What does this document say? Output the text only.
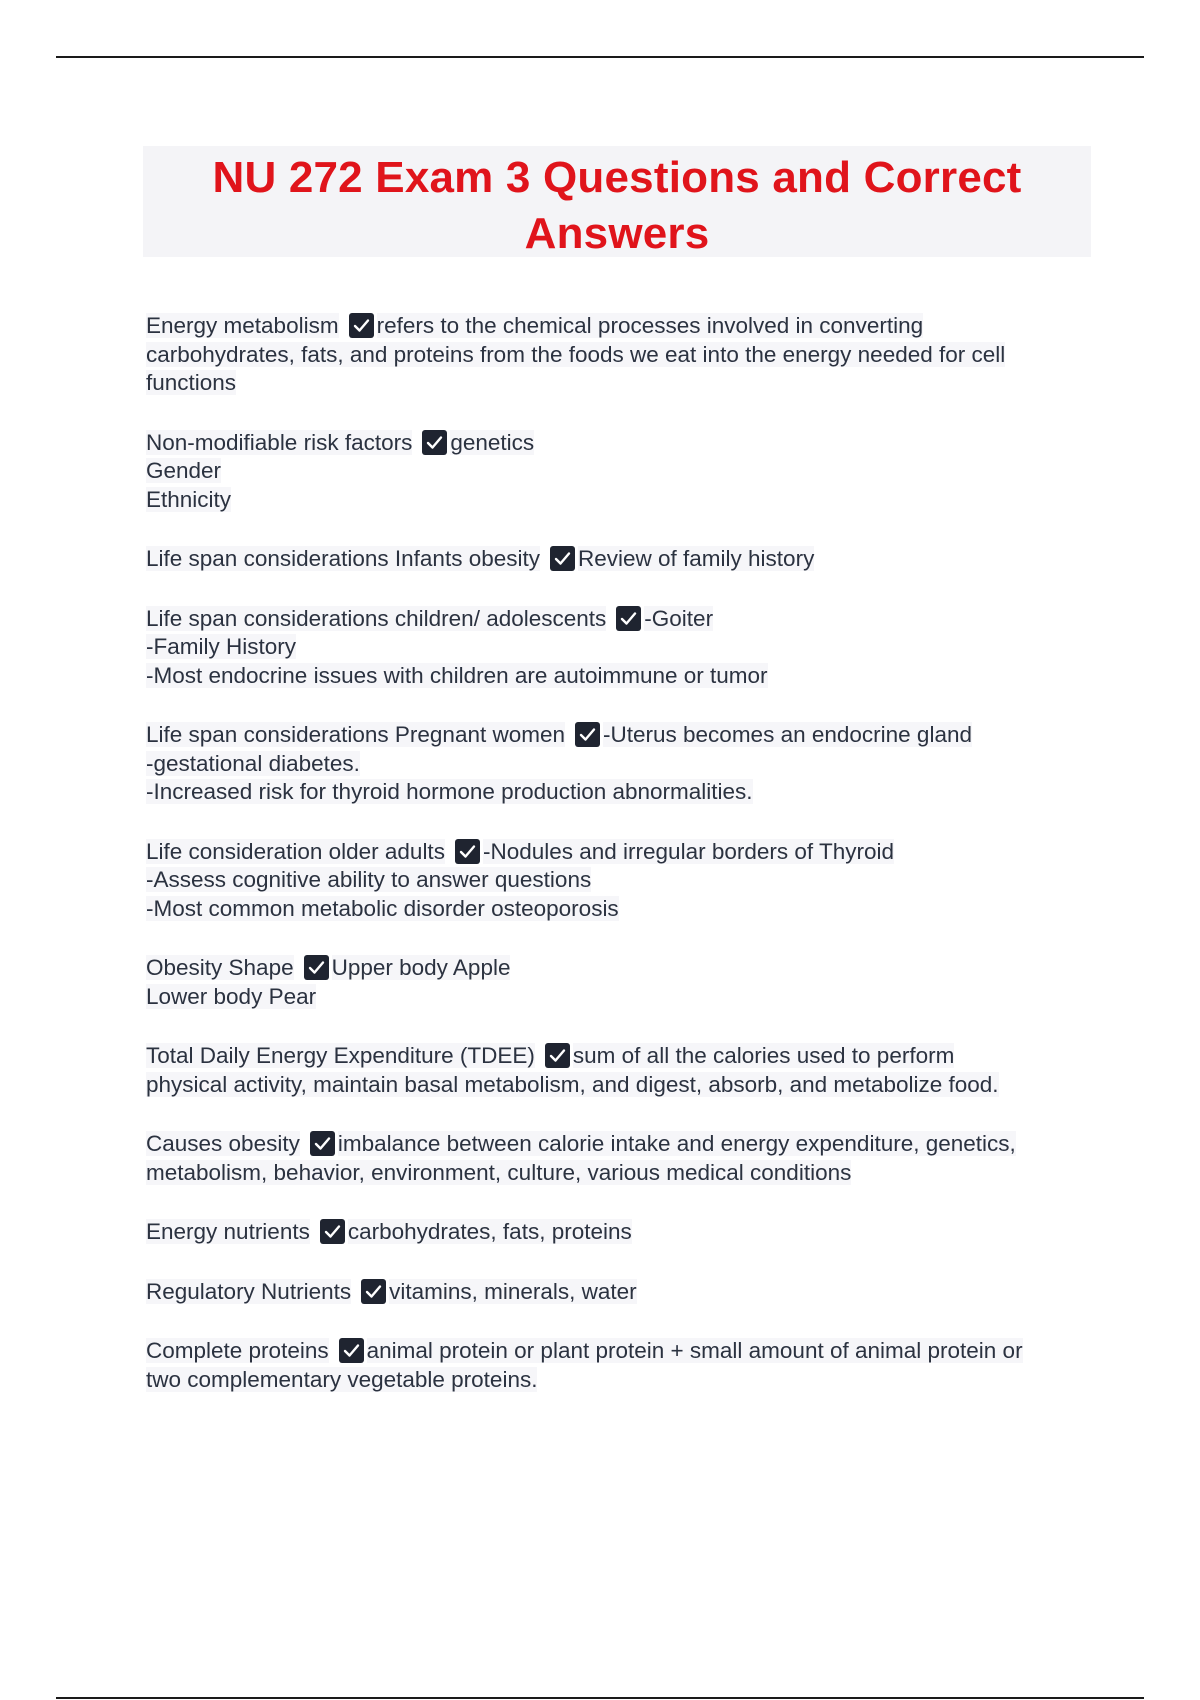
NU 272 Exam 3 Questions and Correct Answers
Energy metabolism refers to the chemical processes involved in converting
carbohydrates, fats, and proteins from the foods we eat into the energy needed for cell
functions
Non-modifiable risk factors genetics
Gender
Ethnicity
Life span considerations Infants obesity Review of family history
Life span considerations children/ adolescents -Goiter
-Family History
-Most endocrine issues with children are autoimmune or tumor
Life span considerations Pregnant women -Uterus becomes an endocrine gland
-gestational diabetes.
-Increased risk for thyroid hormone production abnormalities.
Life consideration older adults -Nodules and irregular borders of Thyroid
-Assess cognitive ability to answer questions
-Most common metabolic disorder osteoporosis
Obesity Shape Upper body Apple
Lower body Pear
Total Daily Energy Expenditure (TDEE) sum of all the calories used to perform
physical activity, maintain basal metabolism, and digest, absorb, and metabolize food.
Causes obesity imbalance between calorie intake and energy expenditure, genetics,
metabolism, behavior, environment, culture, various medical conditions
Energy nutrients carbohydrates, fats, proteins
Regulatory Nutrients vitamins, minerals, water
Complete proteins animal protein or plant protein + small amount of animal protein or
two complementary vegetable proteins.
